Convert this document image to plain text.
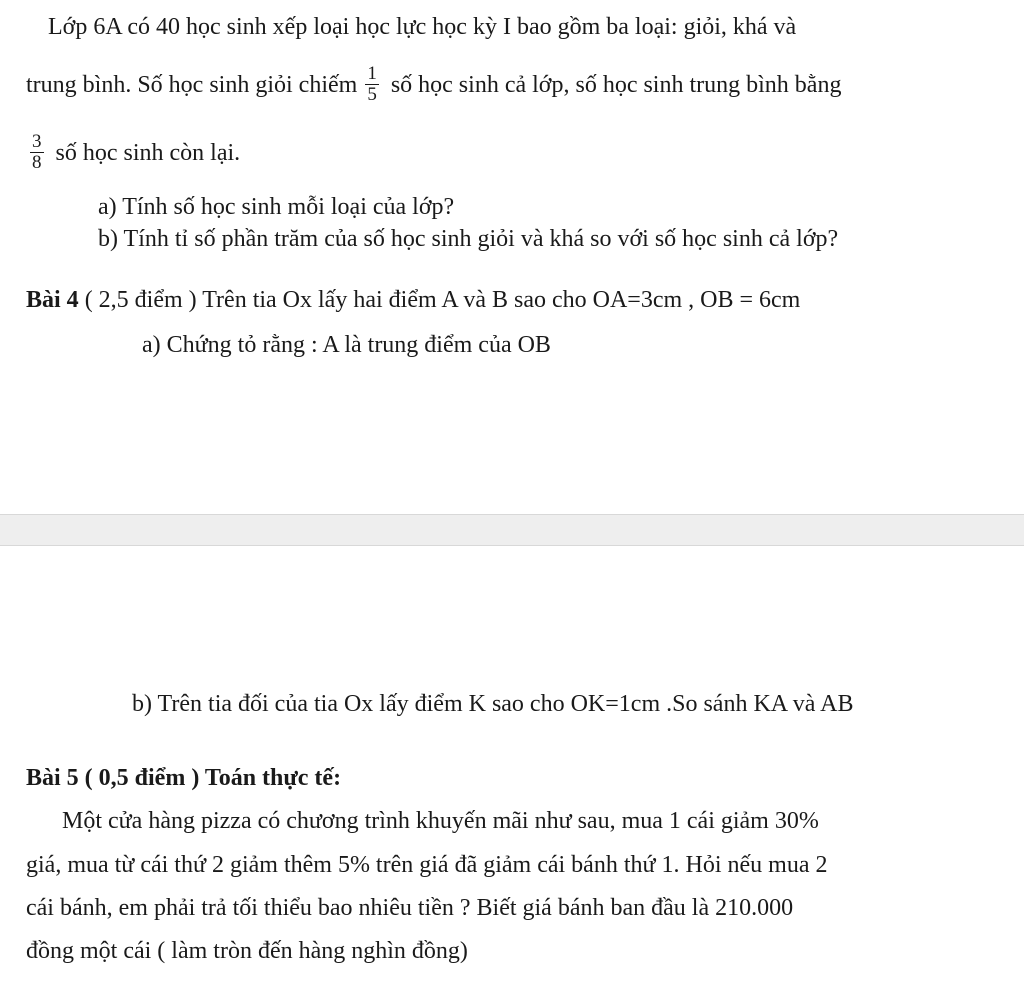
Lớp 6A có 40 học sinh xếp loại học lực học kỳ I bao gồm ba loại: giỏi, khá và
trung bình. Số học sinh giỏi chiếm $\frac{1}{5}$ số học sinh cả lớp, số học sinh trung bình bằng
$\frac{3}{8}$ số học sinh còn lại.
a) Tính số học sinh mỗi loại của lớp?
b) Tính tỉ số phần trăm của số học sinh giỏi và khá so với số học sinh cả lớp?
Bài 4 ( 2,5 điểm ) Trên tia Ox lấy hai điểm A và B sao cho OA=3cm , OB = 6cm
a) Chứng tỏ rằng : A là trung điểm của OB
b) Trên tia đối của tia Ox lấy điểm K sao cho OK=1cm .So sánh KA và AB
Bài 5 ( 0,5 điểm ) Toán thực tế:
Một cửa hàng pizza có chương trình khuyến mãi như sau, mua 1 cái giảm 30%
giá, mua từ cái thứ 2 giảm thêm 5% trên giá đã giảm cái bánh thứ 1. Hỏi nếu mua 2
cái bánh, em phải trả tối thiểu bao nhiêu tiền ? Biết giá bánh ban đầu là 210.000
đồng một cái ( làm tròn đến hàng nghìn đồng)
